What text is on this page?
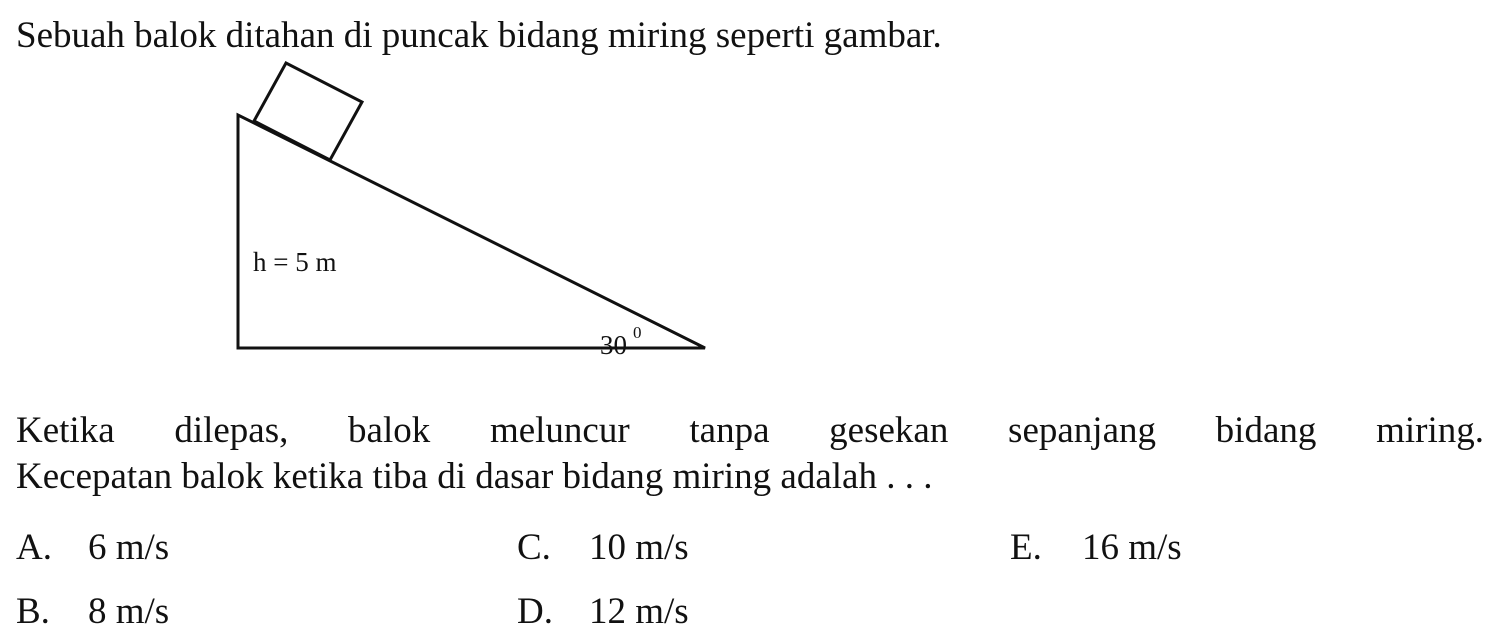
Sebuah balok ditahan di puncak bidang miring seperti gambar.
h = 5 m
30 0
Ketika dilepas, balok meluncur tanpa gesekan sepanjang bidang miring.
Kecepatan balok ketika tiba di dasar bidang miring adalah . . .
A. 6 m/s
B. 8 m/s
C. 10 m/s
D. 12 m/s
E. 16 m/s
